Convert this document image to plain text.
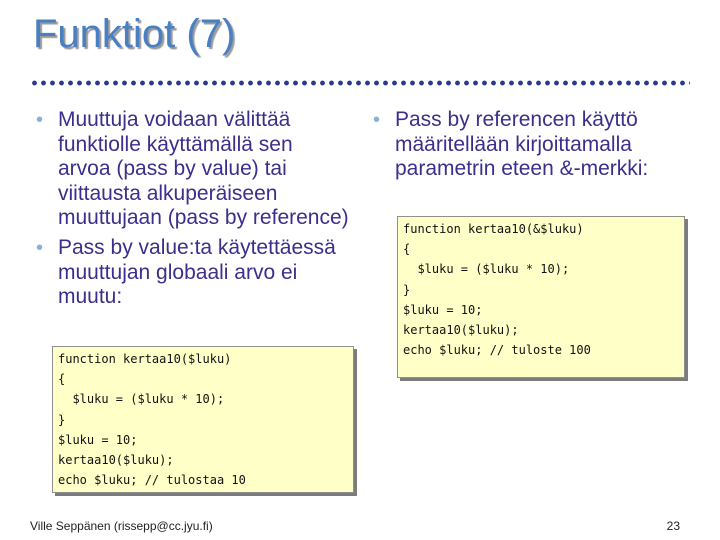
Funktiot (7)
• Muuttuja voidaan välittää
funktiolle käyttämällä sen
arvoa (pass by value) tai
viittausta alkuperäiseen
muuttujaan (pass by reference)
• Pass by value:ta käytettäessä
muuttujan globaali arvo ei
muutu:
• Pass by referencen käyttö
määritellään kirjoittamalla
parametrin eteen &-merkki:
function kertaa10($luku)
{
$luku = ($luku * 10);
}
$luku = 10;
kertaa10($luku);
echo $luku; // tulostaa 10
function kertaa10(&$luku)
{
$luku = ($luku * 10);
}
$luku = 10;
kertaa10($luku);
echo $luku; // tuloste 100
Ville Seppänen (rissepp@cc.jyu.fi)	23
